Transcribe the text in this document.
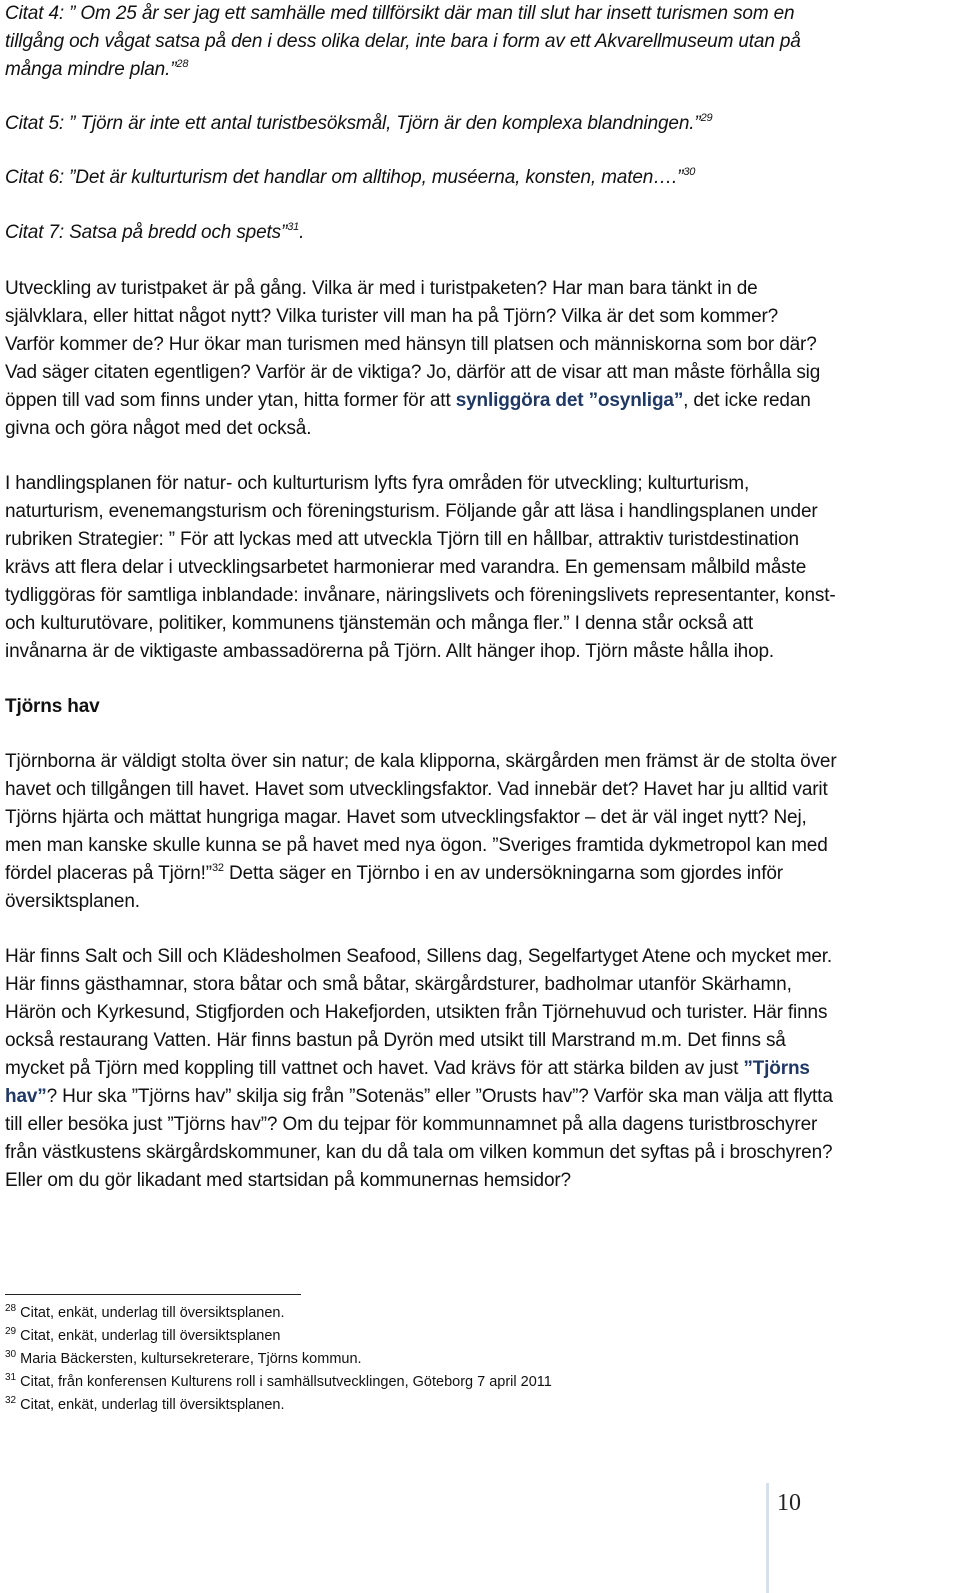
Citat 4: ” Om 25 år ser jag ett samhälle med tillförsikt där man till slut har insett turismen som en

tillgång och vågat satsa på den i dess olika delar, inte bara i form av ett Akvarellmuseum utan på

många mindre plan.”$^{28}$

Citat 5: ” Tjörn är inte ett antal turistbesöksmål, Tjörn är den komplexa blandningen.”$^{29}$

Citat 6: ”Det är kulturturism det handlar om alltihop, muséerna, konsten, maten….”$^{30}$

Citat 7: Satsa på bredd och spets”$^{31}$.

Utveckling av turistpaket är på gång. Vilka är med i turistpaketen? Har man bara tänkt in de

självklara, eller hittat något nytt? Vilka turister vill man ha på Tjörn? Vilka är det som kommer?

Varför kommer de? Hur ökar man turismen med hänsyn till platsen och människorna som bor där?

Vad säger citaten egentligen? Varför är de viktiga? Jo, därför att de visar att man måste förhålla sig

öppen till vad som finns under ytan, hitta former för att synliggöra det ”osynliga”, det icke redan

givna och göra något med det också.

I handlingsplanen för natur- och kulturturism lyfts fyra områden för utveckling; kulturturism,

naturturism, evenemangsturism och föreningsturism. Följande går att läsa i handlingsplanen under

rubriken Strategier: ” För att lyckas med att utveckla Tjörn till en hållbar, attraktiv turistdestination

krävs att flera delar i utvecklingsarbetet harmonierar med varandra. En gemensam målbild måste

tydliggöras för samtliga inblandade: invånare, näringslivets och föreningslivets representanter, konst-

och kulturutövare, politiker, kommunens tjänstemän och många fler.” I denna står också att

invånarna är de viktigaste ambassadörerna på Tjörn. Allt hänger ihop. Tjörn måste hålla ihop.

Tjörns hav

Tjörnborna är väldigt stolta över sin natur; de kala klipporna, skärgården men främst är de stolta över

havet och tillgången till havet. Havet som utvecklingsfaktor. Vad innebär det? Havet har ju alltid varit

Tjörns hjärta och mättat hungriga magar. Havet som utvecklingsfaktor – det är väl inget nytt? Nej,

men man kanske skulle kunna se på havet med nya ögon. ”Sveriges framtida dykmetropol kan med

fördel placeras på Tjörn!”$^{32}$ Detta säger en Tjörnbo i en av undersökningarna som gjordes inför

översiktsplanen.

Här finns Salt och Sill och Klädesholmen Seafood, Sillens dag, Segelfartyget Atene och mycket mer.

Här finns gästhamnar, stora båtar och små båtar, skärgårdsturer, badholmar utanför Skärhamn,

Härön och Kyrkesund, Stigfjorden och Hakefjorden, utsikten från Tjörnehuvud och turister. Här finns

också restaurang Vatten. Här finns bastun på Dyrön med utsikt till Marstrand m.m. Det finns så

mycket på Tjörn med koppling till vattnet och havet. Vad krävs för att stärka bilden av just ”Tjörns

hav”? Hur ska ”Tjörns hav” skilja sig från ”Sotenäs” eller ”Orusts hav”? Varför ska man välja att flytta

till eller besöka just ”Tjörns hav”? Om du tejpar för kommunnamnet på alla dagens turistbroschyrer

från västkustens skärgårdskommuner, kan du då tala om vilken kommun det syftas på i broschyren?

Eller om du gör likadant med startsidan på kommunernas hemsidor?

$^{28}$ Citat, enkät, underlag till översiktsplanen.

$^{29}$ Citat, enkät, underlag till översiktsplanen

$^{30}$ Maria Bäckersten, kultursekreterare, Tjörns kommun.

$^{31}$ Citat, från konferensen Kulturens roll i samhällsutvecklingen, Göteborg 7 april 2011

$^{32}$ Citat, enkät, underlag till översiktsplanen.

10
